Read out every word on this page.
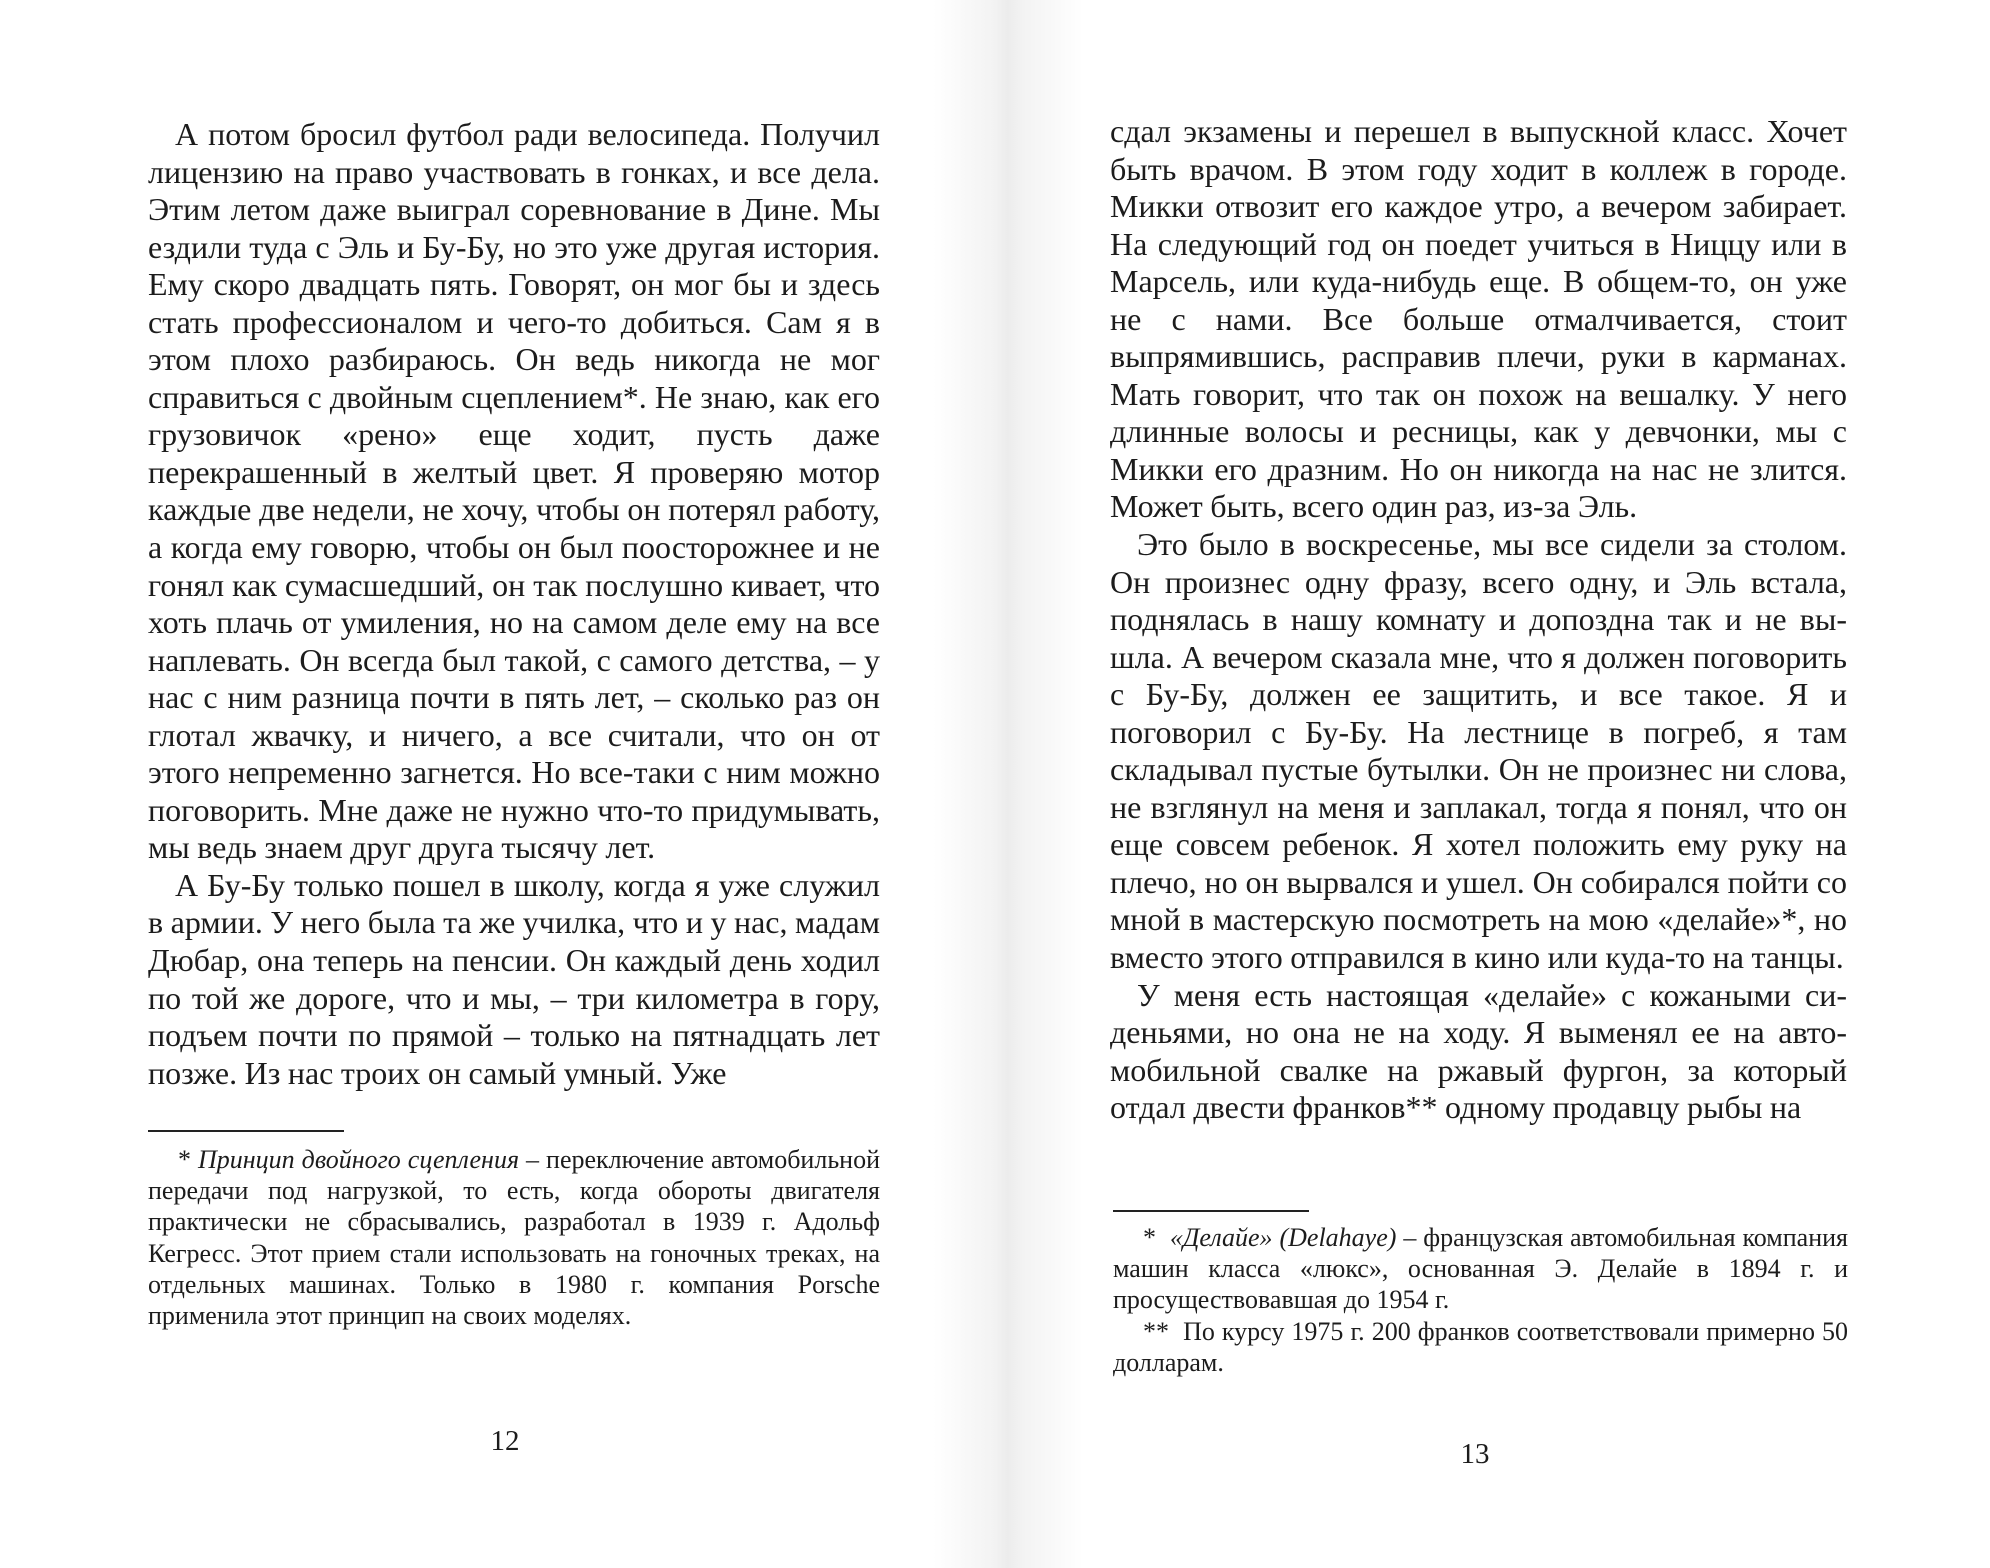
А потом бросил футбол ради велосипеда. Получил лицензию на право участвовать в гонках, и все дела. Этим летом даже выиграл соревнование в Дине. Мы ездили туда с Эль и Бу-Бу, но это уже другая история. Ему скоро двадцать пять. Говорят, он мог бы и здесь стать профессионалом и чего-то добиться. Сам я в этом плохо разбираюсь. Он ведь никогда не мог справиться с двойным сцеплением*. Не знаю, как его грузовичок «рено» еще ходит, пусть даже перекрашенный в желтый цвет. Я проверяю мотор каждые две недели, не хочу, чтобы он потерял работу, а когда ему говорю, чтобы он был поосторожнее и не гонял как сумасшедший, он так послушно кивает, что хоть плачь от умиления, но на самом деле ему на все наплевать. Он всегда был такой, с самого детства, – у нас с ним разница почти в пять лет, – сколько раз он глотал жвачку, и ничего, а все считали, что он от этого непременно загнется. Но все-таки с ним можно поговорить. Мне даже не нужно что-то придумывать, мы ведь знаем друг друга тысячу лет.

А Бу-Бу только пошел в школу, когда я уже служил в армии. У него была та же училка, что и у нас, мадам Дюбар, она теперь на пенсии. Он каждый день ходил по той же дороге, что и мы, – три километра в гору, подъем почти по прямой – только на пятнадцать лет позже. Из нас троих он самый умный. Уже

* Принцип двойного сцепления – переключение автомобильной передачи под нагрузкой, то есть, когда обороты двигателя практически не сбрасывались, разработал в 1939 г. Адольф Кегресс. Этот прием стали использовать на гоночных треках, на отдельных машинах. Только в 1980 г. компания Porsche применила этот принцип на своих моделях.

12

сдал экзамены и перешел в выпускной класс. Хочет быть врачом. В этом году ходит в коллеж в городе. Микки отвозит его каждое утро, а вечером забирает. На следующий год он поедет учиться в Ниццу или в Марсель, или куда-нибудь еще. В общем-то, он уже не с нами. Все больше отмалчивается, стоит выпрямившись, расправив плечи, руки в карманах. Мать говорит, что так он похож на вешалку. У него длинные волосы и ресницы, как у девчонки, мы с Микки его дразним. Но он никогда на нас не злится. Может быть, всего один раз, из-за Эль.

Это было в воскресенье, мы все сидели за столом. Он произнес одну фразу, всего одну, и Эль встала, поднялась в нашу комнату и допоздна так и не вышла. А вечером сказала мне, что я должен поговорить с Бу-Бу, должен ее защитить, и все такое. Я и поговорил с Бу-Бу. На лестнице в погреб, я там складывал пустые бутылки. Он не произнес ни слова, не взглянул на меня и заплакал, тогда я понял, что он еще совсем ребенок. Я хотел положить ему руку на плечо, но он вырвался и ушел. Он собирался пойти со мной в мастерскую посмотреть на мою «делайе»*, но вместо этого отправился в кино или куда-то на танцы.

У меня есть настоящая «делайе» с кожаными сиденьями, но она не на ходу. Я выменял ее на автомобильной свалке на ржавый фургон, за который отдал двести франков** одному продавцу рыбы на

* «Делайе» (Delahaye) – французская автомобильная компания машин класса «люкс», основанная Э. Делайе в 1894 г. и просуществовавшая до 1954 г.

** По курсу 1975 г. 200 франков соответствовали примерно 50 долларам.

13
